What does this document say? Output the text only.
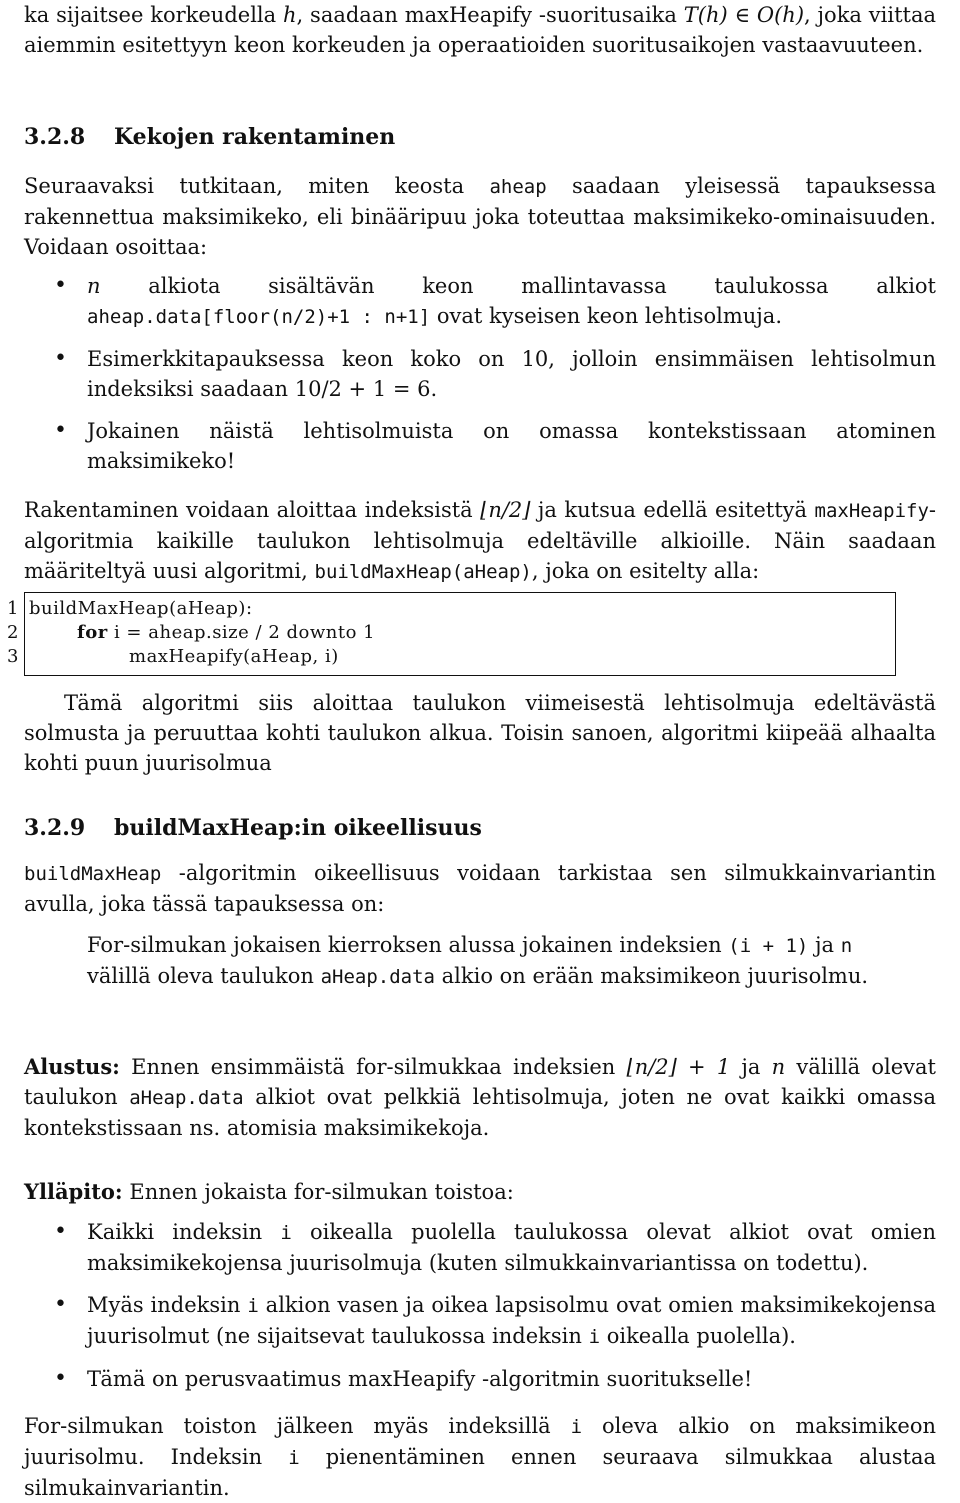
ka sijaitsee korkeudella h, saadaan maxHeapify -suoritusaika T(h) ∈ O(h), joka viittaa aiemmin esitettyyn keon korkeuden ja operaatioiden suoritusaikojen vastaavuuteen.

3.2.8 Kekojen rakentaminen

Seuraavaksi tutkitaan, miten keosta aheap saadaan yleisessä tapauksessa rakennettua maksimikeko, eli binääripuu joka toteuttaa maksimikeko-ominaisuuden. Voidaan osoittaa:

• n alkiota sisältävän keon mallintavassa taulukossa alkiot aheap.data[floor(n/2)+1 : n+1] ovat kyseisen keon lehtisolmuja.
• Esimerkkitapauksessa keon koko on 10, jolloin ensimmäisen lehtisolmun indeksiksi saadaan 10/2 + 1 = 6.
• Jokainen näistä lehtisolmuista on omassa kontekstissaan atominen maksimikeko!

Rakentaminen voidaan aloittaa indeksistä ⌊n/2⌋ ja kutsua edellä esitettyä maxHeapify-algoritmia kaikille taulukon lehtisolmuja edeltäville alkioille. Näin saadaan määriteltyä uusi algoritmi, buildMaxHeap(aHeap), joka on esitelty alla:

1 buildMaxHeap(aHeap):
2	for i = aheap.size / 2 downto 1
3	maxHeapify(aHeap, i)

Tämä algoritmi siis aloittaa taulukon viimeisestä lehtisolmuja edeltävästä solmusta ja peruuttaa kohti taulukon alkua. Toisin sanoen, algoritmi kiipeää alhaalta kohti puun juurisolmua

3.2.9 buildMaxHeap:in oikeellisuus

buildMaxHeap -algoritmin oikeellisuus voidaan tarkistaa sen silmukkainvariantin avulla, joka tässä tapauksessa on:

For-silmukan jokaisen kierroksen alussa jokainen indeksien (i + 1) ja n välillä oleva taulukon aHeap.data alkio on erään maksimikeon juurisolmu.

Alustus: Ennen ensimmäistä for-silmukkaa indeksien ⌊n/2⌋ + 1 ja n välillä olevat taulukon aHeap.data alkiot ovat pelkkiä lehtisolmuja, joten ne ovat kaikki omassa kontekstissaan ns. atomisia maksimikekoja.

Ylläpito: Ennen jokaista for-silmukan toistoa:

• Kaikki indeksin i oikealla puolella taulukossa olevat alkiot ovat omien maksimikekojensa juurisolmuja (kuten silmukkainvariantissa on todettu).
• Myäs indeksin i alkion vasen ja oikea lapsisolmu ovat omien maksimikekojensa juurisolmut (ne sijaitsevat taulukossa indeksin i oikealla puolella).
• Tämä on perusvaatimus maxHeapify -algoritmin suoritukselle!

For-silmukan toiston jälkeen myäs indeksillä i oleva alkio on maksimikeon juurisolmu. Indeksin i pienentäminen ennen seuraava silmukkaa alustaa silmukainvariantin.
